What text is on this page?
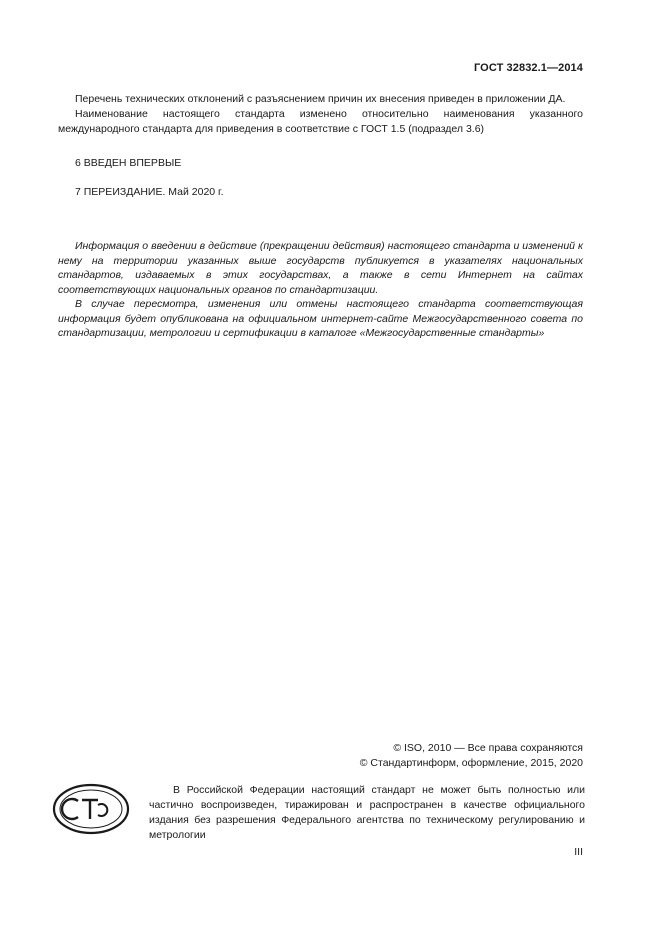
ГОСТ 32832.1—2014

Перечень технических отклонений с разъяснением причин их внесения приведен в приложении ДА.

Наименование настоящего стандарта изменено относительно наименования указанного международного стандарта для приведения в соответствие с ГОСТ 1.5 (подраздел 3.6)

6 ВВЕДЕН ВПЕРВЫЕ
7 ПЕРЕИЗДАНИЕ. Май 2020 г.

Информация о введении в действие (прекращении действия) настоящего стандарта и изменений к нему на территории указанных выше государств публикуется в указателях национальных стандартов, издаваемых в этих государствах, а также в сети Интернет на сайтах соответствующих национальных органов по стандартизации.

В случае пересмотра, изменения или отмены настоящего стандарта соответствующая информация будет опубликована на официальном интернет-сайте Межгосударственного совета по стандартизации, метрологии и сертификации в каталоге «Межгосударственные стандарты»

© ISO, 2010 — Все права сохраняются
© Стандартинформ, оформление, 2015, 2020

В Российской Федерации настоящий стандарт не может быть полностью или частично воспроизведен, тиражирован и распространен в качестве официального издания без разрешения Федерального агентства по техническому регулированию и метрологии

III
